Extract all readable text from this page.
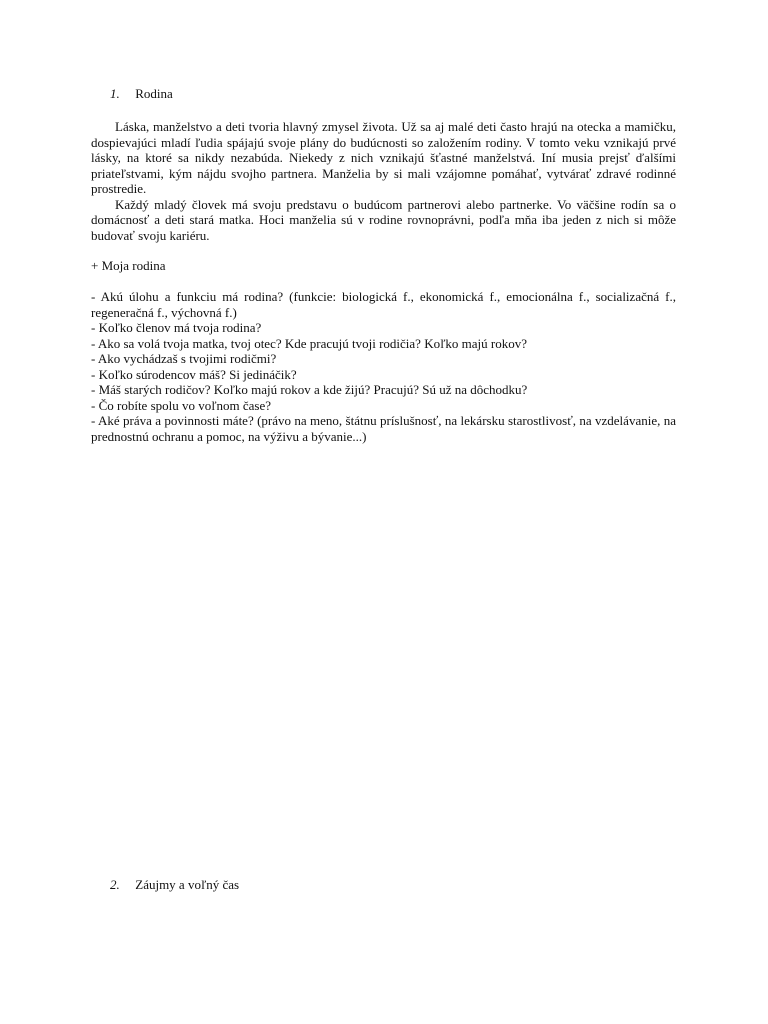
1. Rodina

Láska, manželstvo a deti tvoria hlavný zmysel života. Už sa aj malé deti často hrajú na otecka a mamičku, dospievajúci mladí ľudia spájajú svoje plány do budúcnosti so založením rodiny. V tomto veku vznikajú prvé lásky, na ktoré sa nikdy nezabúda. Niekedy z nich vznikajú šťastné manželstvá. Iní musia prejsť ďalšími priateľstvami, kým nájdu svojho partnera. Manželia by si mali vzájomne pomáhať, vytvárať zdravé rodinné prostredie.

Každý mladý človek má svoju predstavu o budúcom partnerovi alebo partnerke. Vo väčšine rodín sa o domácnosť a deti stará matka. Hoci manželia sú v rodine rovnoprávni, podľa mňa iba jeden z nich si môže budovať svoju kariéru.

+ Moja rodina

- Akú úlohu a funkciu má rodina? (funkcie: biologická f., ekonomická f., emocionálna f., socializačná f., regeneračná f., výchovná f.)

- Koľko členov má tvoja rodina?

- Ako sa volá tvoja matka, tvoj otec? Kde pracujú tvoji rodičia? Koľko majú rokov?

- Ako vychádzaš s tvojimi rodičmi?

- Koľko súrodencov máš? Si jedináčik?

- Máš starých rodičov? Koľko majú rokov a kde žijú? Pracujú? Sú už na dôchodku?

- Čo robíte spolu vo voľnom čase?

- Aké práva a povinnosti máte? (právo na meno, štátnu príslušnosť, na lekársku starostlivosť, na vzdelávanie, na prednostnú ochranu a pomoc, na výživu a bývanie...)

2. Záujmy a voľný čas
